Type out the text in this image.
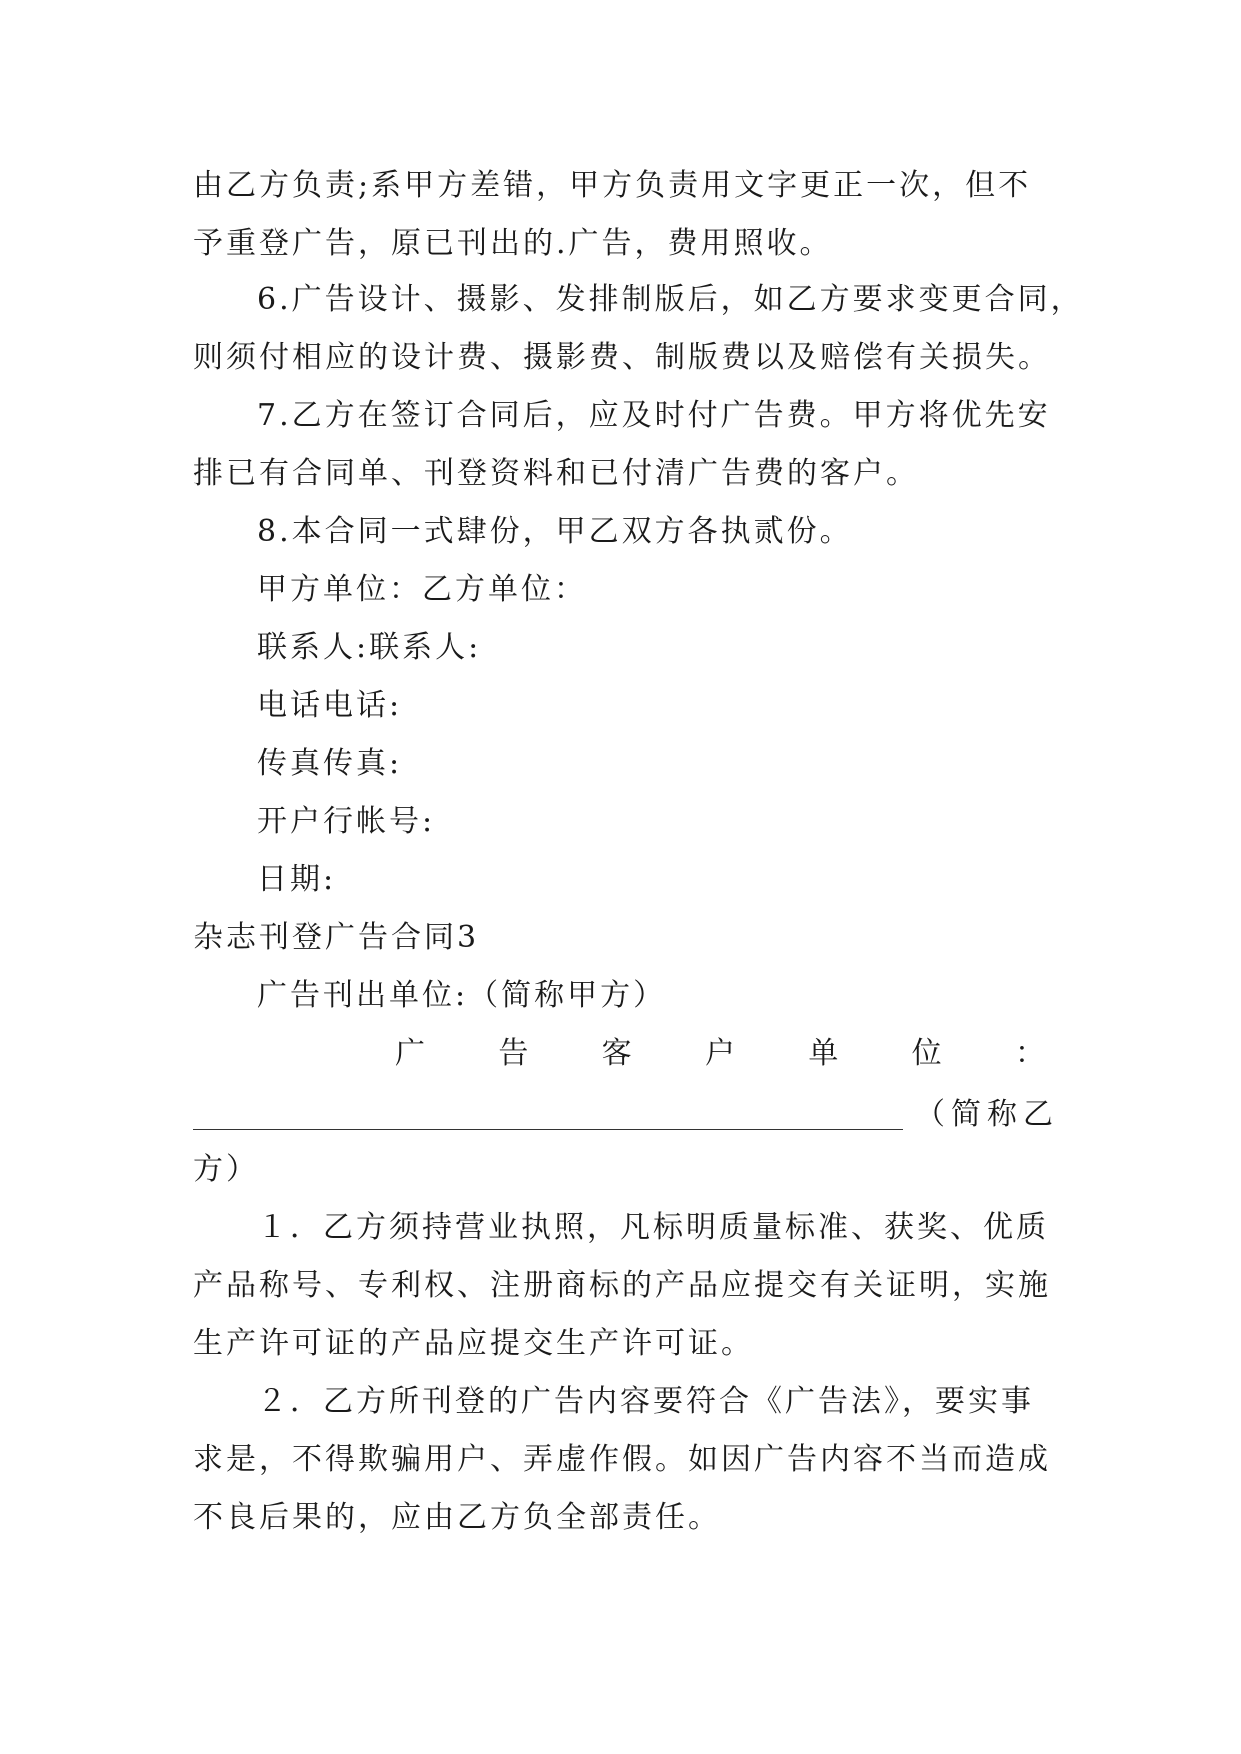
由乙方负责;系甲方差错，甲方负责用文字更正一次，但不
予重登广告，原已刊出的.广告，费用照收。
6.广告设计、摄影、发排制版后，如乙方要求变更合同，
则须付相应的设计费、摄影费、制版费以及赔偿有关损失。
7.乙方在签订合同后，应及时付广告费。甲方将优先安
排已有合同单、刊登资料和已付清广告费的客户。
8.本合同一式肆份，甲乙双方各执贰份。
甲方单位：乙方单位：
联系人:联系人:
电话电话:
传真传真:
开户行帐号:
日期:
杂志刊登广告合同3
广告刊出单位:（简称甲方）
广 告 客 户 单 位 ：
（简称乙
方）
１．乙方须持营业执照，凡标明质量标准、获奖、优质
产品称号、专利权、注册商标的产品应提交有关证明，实施
生产许可证的产品应提交生产许可证。
２．乙方所刊登的广告内容要符合《广告法》，要实事
求是，不得欺骗用户、弄虚作假。如因广告内容不当而造成
不良后果的，应由乙方负全部责任。
